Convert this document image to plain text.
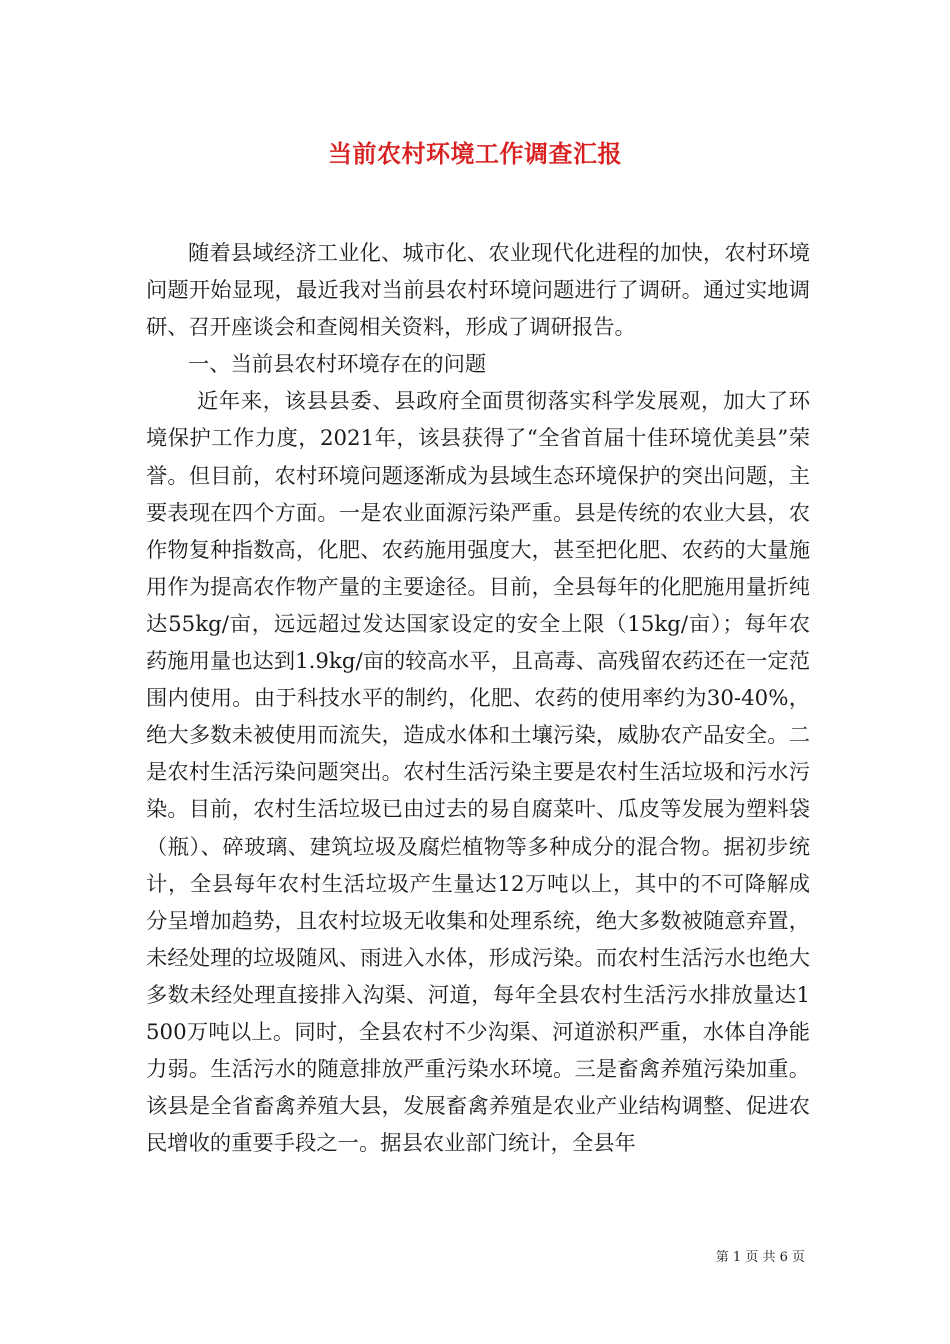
当前农村环境工作调查汇报

随着县域经济工业化、城市化、农业现代化进程的加快，农村环境问题开始显现，最近我对当前县农村环境问题进行了调研。通过实地调研、召开座谈会和查阅相关资料，形成了调研报告。

一、当前县农村环境存在的问题

近年来，该县县委、县政府全面贯彻落实科学发展观，加大了环境保护工作力度，2021年，该县获得了“全省首届十佳环境优美县”荣誉。但目前，农村环境问题逐渐成为县域生态环境保护的突出问题，主要表现在四个方面。一是农业面源污染严重。县是传统的农业大县，农作物复种指数高，化肥、农药施用强度大，甚至把化肥、农药的大量施用作为提高农作物产量的主要途径。目前，全县每年的化肥施用量折纯达55kg/亩，远远超过发达国家设定的安全上限（15kg/亩）；每年农药施用量也达到1.9kg/亩的较高水平，且高毒、高残留农药还在一定范围内使用。由于科技水平的制约，化肥、农药的使用率约为30-40%，绝大多数未被使用而流失，造成水体和土壤污染，威胁农产品安全。二是农村生活污染问题突出。农村生活污染主要是农村生活垃圾和污水污染。目前，农村生活垃圾已由过去的易自腐菜叶、瓜皮等发展为塑料袋（瓶）、碎玻璃、建筑垃圾及腐烂植物等多种成分的混合物。据初步统计，全县每年农村生活垃圾产生量达12万吨以上，其中的不可降解成分呈增加趋势，且农村垃圾无收集和处理系统，绝大多数被随意弃置，未经处理的垃圾随风、雨进入水体，形成污染。而农村生活污水也绝大多数未经处理直接排入沟渠、河道，每年全县农村生活污水排放量达1500万吨以上。同时，全县农村不少沟渠、河道淤积严重，水体自净能力弱。生活污水的随意排放严重污染水环境。三是畜禽养殖污染加重。该县是全省畜禽养殖大县，发展畜禽养殖是农业产业结构调整、促进农民增收的重要手段之一。据县农业部门统计，全县年

第 1 页 共 6 页
